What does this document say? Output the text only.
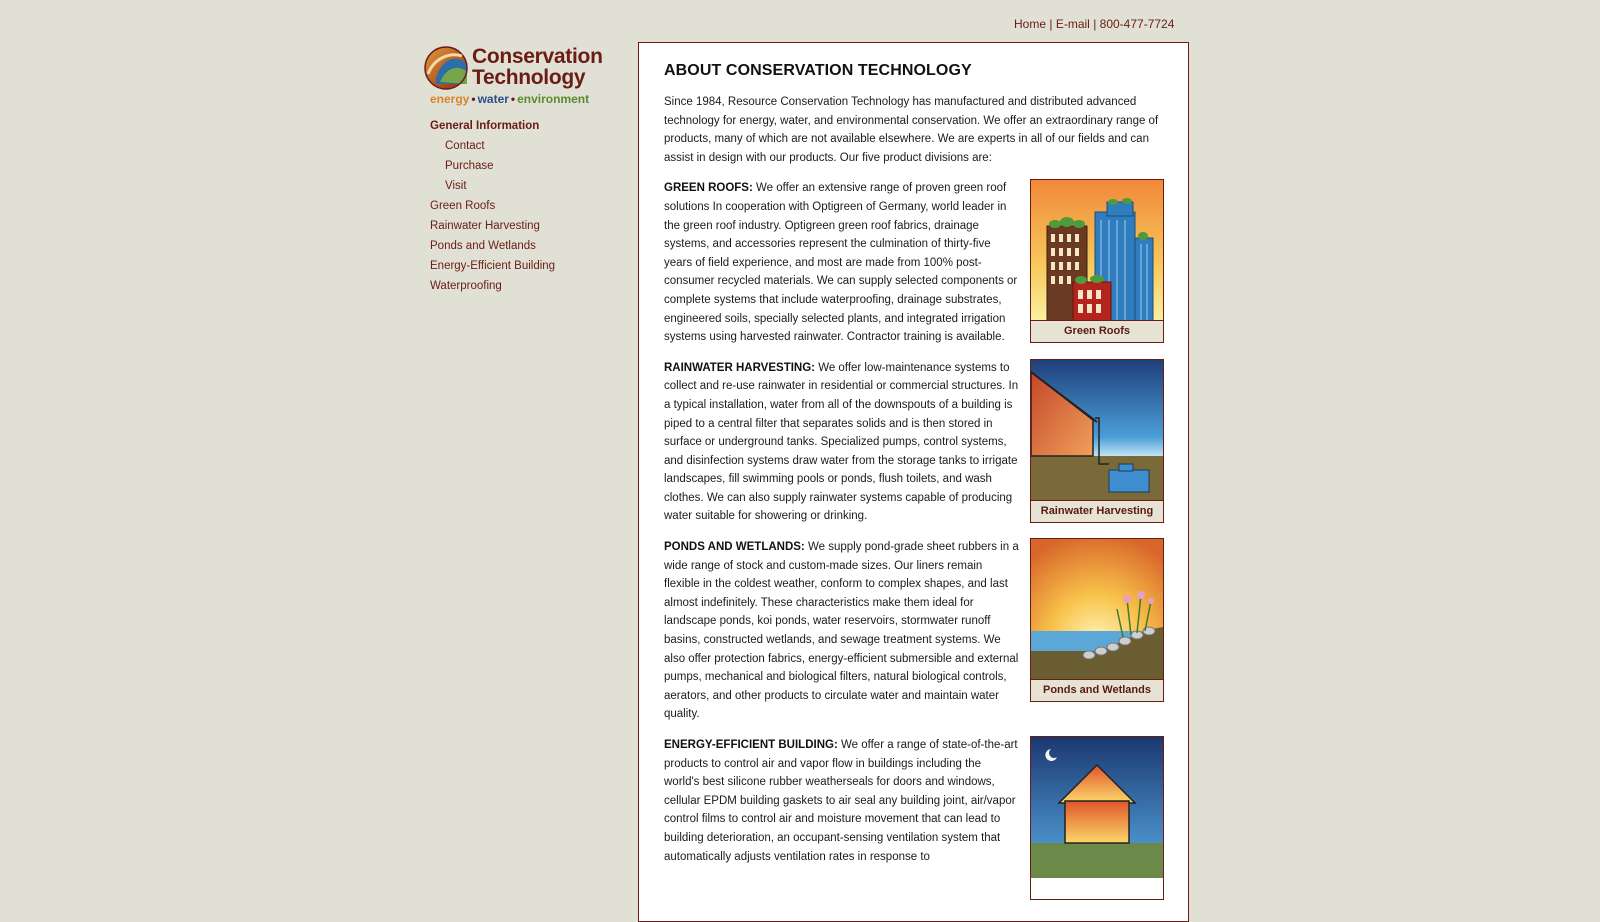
Home | E-mail | 800-477-7724
Conservation
Technology
energy • water • environment
General Information
Contact
Purchase
Visit
Green Roofs
Rainwater Harvesting
Ponds and Wetlands
Energy-Efficient Building
Waterproofing
ABOUT CONSERVATION TECHNOLOGY

Since 1984, Resource Conservation Technology has manufactured and distributed advanced technology for energy, water, and environmental conservation. We offer an extraordinary range of products, many of which are not available elsewhere. We are experts in all of our fields and can assist in design with our products. Our five product divisions are:

GREEN ROOFS: We offer an extensive range of proven green roof solutions In cooperation with Optigreen of Germany, world leader in the green roof industry. Optigreen green roof fabrics, drainage systems, and accessories represent the culmination of thirty-five years of field experience, and most are made from 100% post-consumer recycled materials. We can supply selected components or complete systems that include waterproofing, drainage substrates, engineered soils, specially selected plants, and integrated irrigation systems using harvested rainwater. Contractor training is available.	Green Roofs

RAINWATER HARVESTING: We offer low-maintenance systems to collect and re-use rainwater in residential or commercial structures. In a typical installation, water from all of the downspouts of a building is piped to a central filter that separates solids and is then stored in surface or underground tanks. Specialized pumps, control systems, and disinfection systems draw water from the storage tanks to irrigate landscapes, fill swimming pools or ponds, flush toilets, and wash clothes. We can also supply rainwater systems capable of producing water suitable for showering or drinking.	Rainwater Harvesting

PONDS AND WETLANDS: We supply pond-grade sheet rubbers in a wide range of stock and custom-made sizes. Our liners remain flexible in the coldest weather, conform to complex shapes, and last almost indefinitely. These characteristics make them ideal for landscape ponds, koi ponds, water reservoirs, stormwater runoff basins, constructed wetlands, and sewage treatment systems. We also offer protection fabrics, energy-efficient submersible and external pumps, mechanical and biological filters, natural biological controls, aerators, and other products to circulate water and maintain water quality.

Ponds and Wetlands

ENERGY-EFFICIENT BUILDING: We offer a range of state-of-the-art products to control air and vapor flow in buildings including the world's best silicone rubber weatherseals for doors and windows, cellular EPDM building gaskets to air seal any building joint, air/vapor control films to control air and moisture movement that can lead to building deterioration, an occupant-sensing ventilation system that automatically adjusts ventilation rates in response to
